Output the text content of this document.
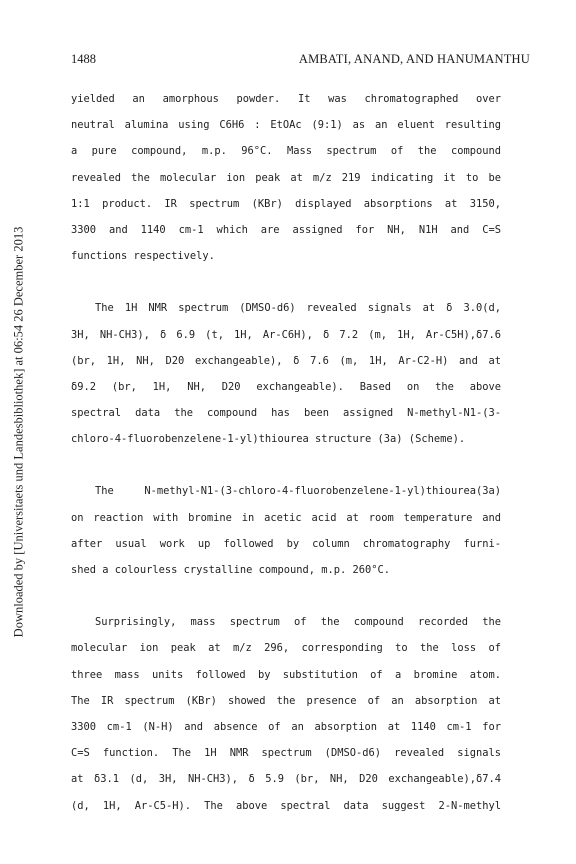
Downloaded by [Universitaets und Landesbibliothek] at 06:54 26 December 2013
1488	AMBATI, ANAND, AND HANUMANTHU
yielded an amorphous powder. It was chromatographed over
neutral alumina using C6H6 : EtOAc (9:1) as an eluent resulting
a pure compound, m.p. 96°C. Mass spectrum of the compound
revealed the molecular ion peak at m/z 219 indicating it to be
1:1 product. IR spectrum (KBr) displayed absorptions at 3150,
3300 and 1140 cm-1 which are assigned for NH, N1H and C=S
functions respectively.
The 1H NMR spectrum (DMSO-d6) revealed signals at δ 3.0(d,
3H, NH-CH3), δ 6.9 (t, 1H, Ar-C6H), δ 7.2 (m, 1H, Ar-C5H),δ7.6
(br, 1H, NH, D20 exchangeable), δ 7.6 (m, 1H, Ar-C2-H) and at
δ9.2 (br, 1H, NH, D20 exchangeable). Based on the above
spectral data the compound has been assigned N-methyl-N1-(3-
chloro-4-fluorobenzelene-1-yl)thiourea structure (3a) (Scheme).
The N-methyl-N1-(3-chloro-4-fluorobenzelene-1-yl)thiourea(3a)
on reaction with bromine in acetic acid at room temperature and
after usual work up followed by column chromatography furni-
shed a colourless crystalline compound, m.p. 260°C.
Surprisingly, mass spectrum of the compound recorded the
molecular ion peak at m/z 296, corresponding to the loss of
three mass units followed by substitution of a bromine atom.
The IR spectrum (KBr) showed the presence of an absorption at
3300 cm-1 (N-H) and absence of an absorption at 1140 cm-1 for
C=S function. The 1H NMR spectrum (DMSO-d6) revealed signals
at δ3.1 (d, 3H, NH-CH3), δ 5.9 (br, NH, D20 exchangeable),δ7.4
(d, 1H, Ar-C5-H). The above spectral data suggest 2-N-methyl
